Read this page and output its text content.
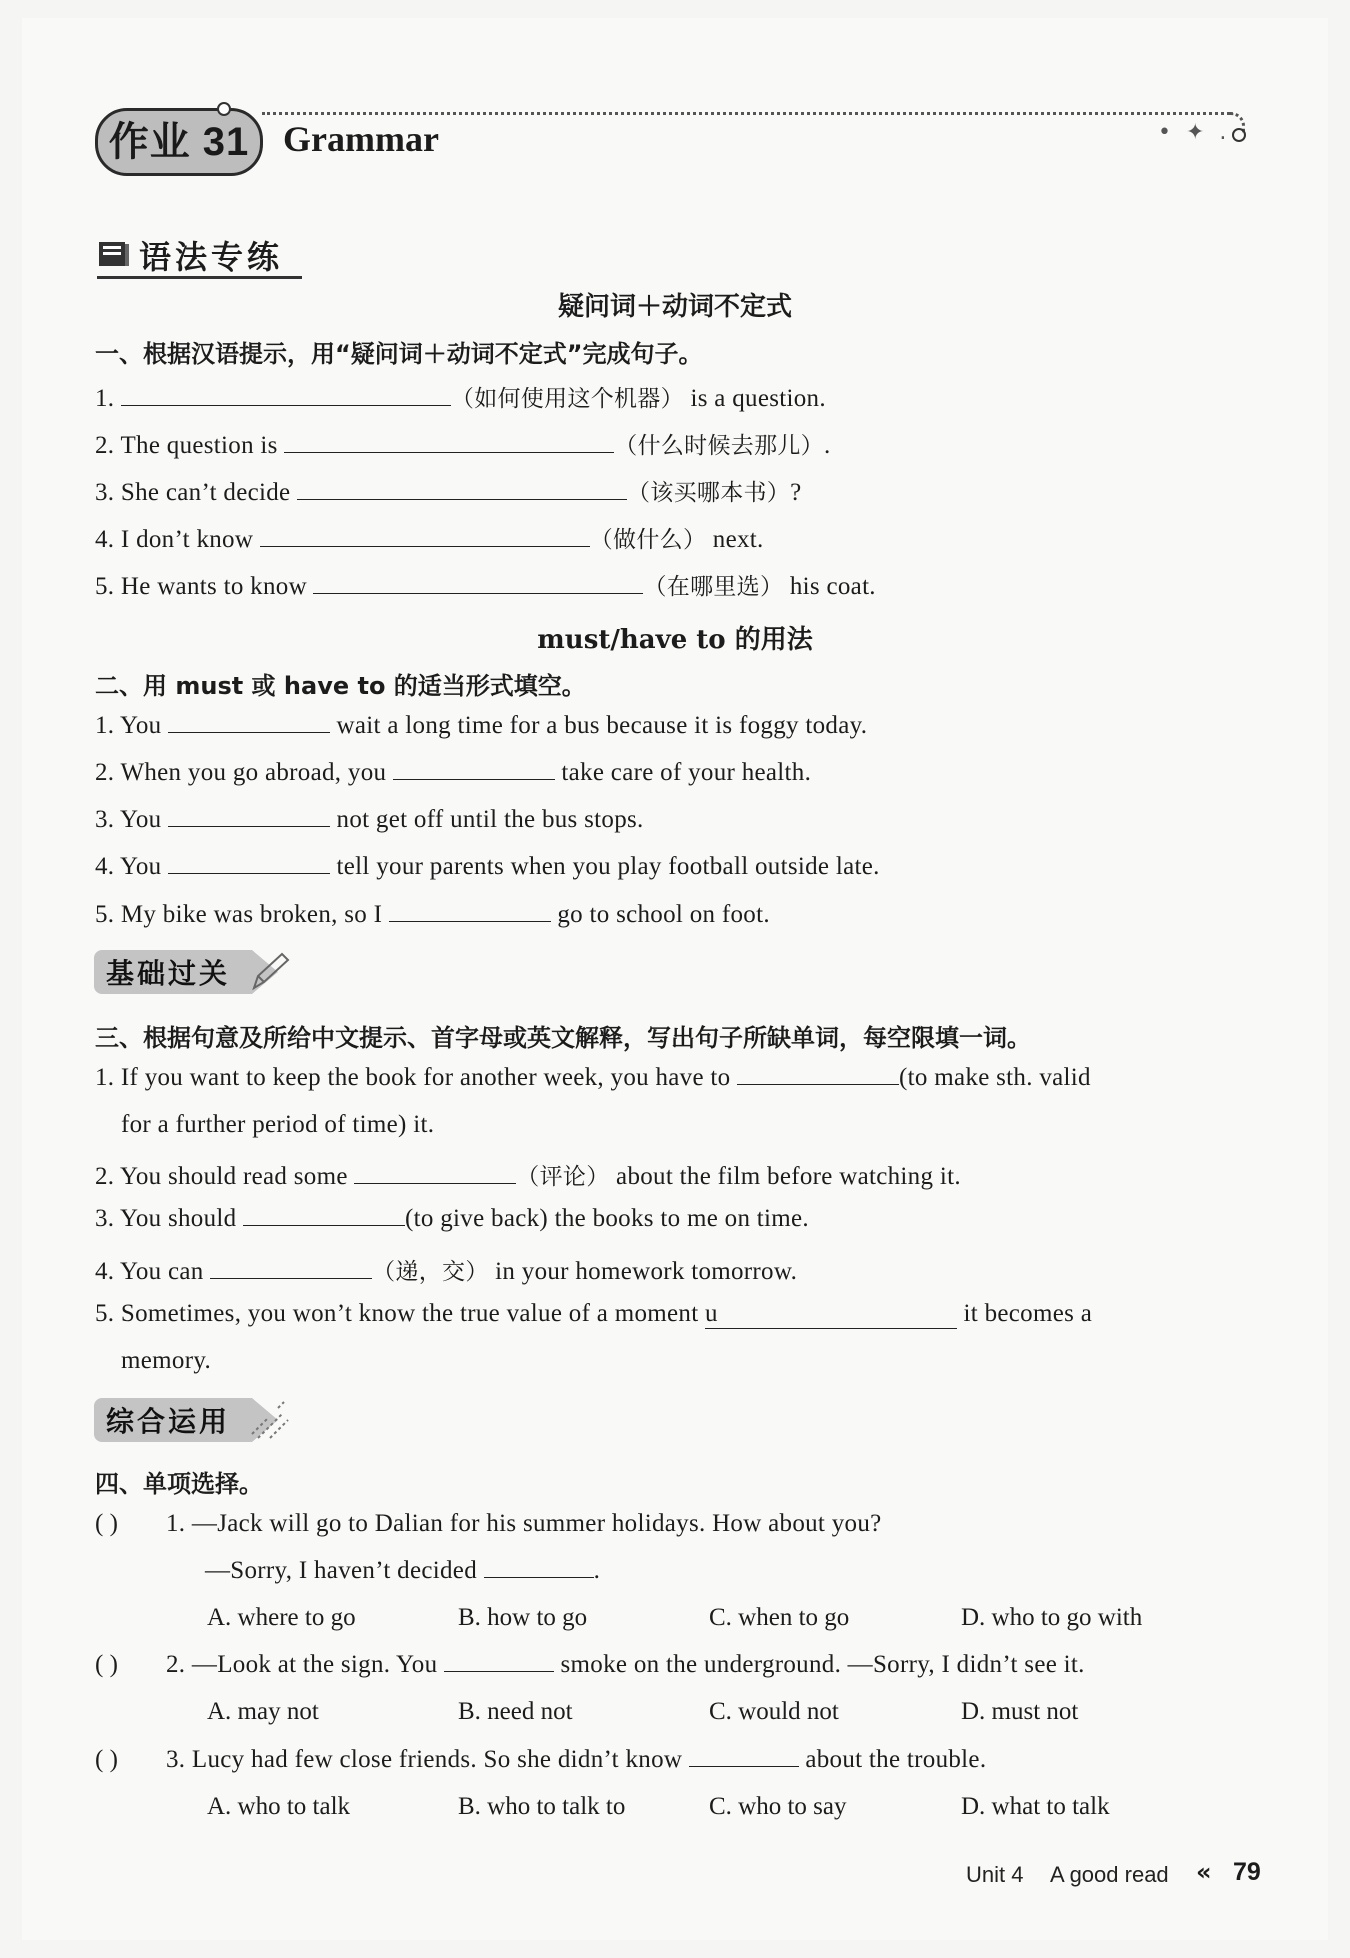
作业 31 Grammar	• ✦ .
语法专练
疑问词＋动词不定式
一、根据汉语提示，用“疑问词＋动词不定式”完成句子。
1.	（如何使用这个机器） is a question.
2. The question is	（什么时候去那儿）.
3. She can’t decide	（该买哪本书）?
4. I don’t know	（做什么） next.
5. He wants to know	（在哪里选） his coat.
must/have to 的用法
二、用 must 或 have to 的适当形式填空。
1. You	wait a long time for a bus because it is foggy today.
2. When you go abroad, you	take care of your health.
3. You	not get off until the bus stops.
4. You	tell your parents when you play football outside late.
5. My bike was broken, so I	go to school on foot.
基础过关
三、根据句意及所给中文提示、首字母或英文解释，写出句子所缺单词，每空限填一词。
1. If you want to keep the book for another week, you have to	(to make sth. valid
for a further period of time) it.
2. You should read some	（评论） about the film before watching it.
3. You should	(to give back) the books to me on time.
4. You can	（递，交） in your homework tomorrow.
5. Sometimes, you won’t know the true value of a moment u	it becomes a
memory.
综合运用
四、单项选择。
( ) 1. —Jack will go to Dalian for his summer holidays. How about you?
—Sorry, I haven’t decided	.
A. where to go	B. how to go	C. when to go	D. who to go with
( ) 2. —Look at the sign. You	smoke on the underground. —Sorry, I didn’t see it.
A. may not	B. need not	C. would not	D. must not
( ) 3. Lucy had few close friends. So she didn’t know	about the trouble.
A. who to talk	B. who to talk to	C. who to say	D. what to talk
Unit 4 A good read « 79
